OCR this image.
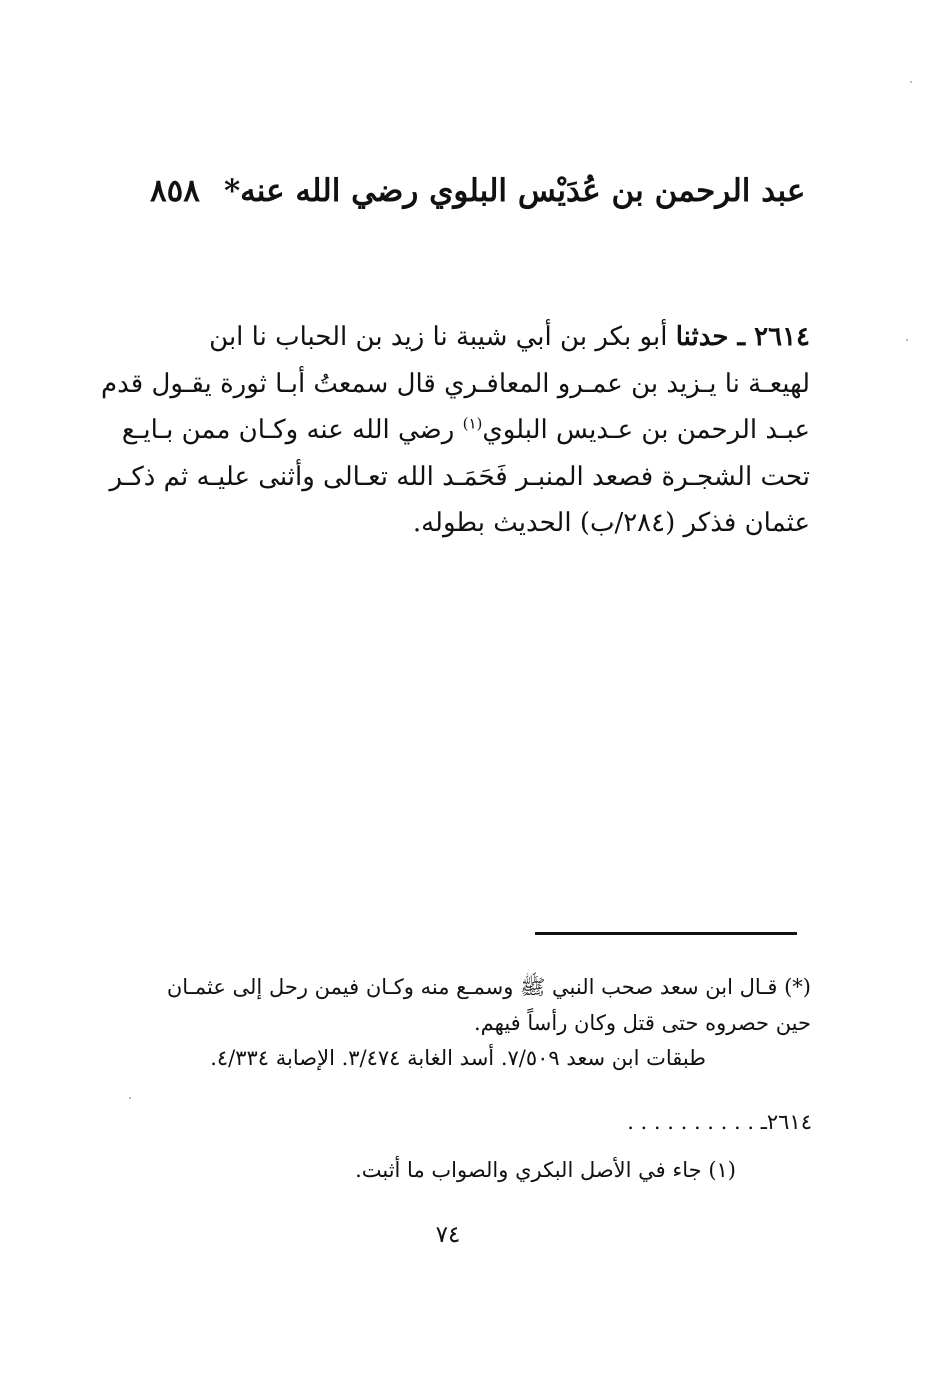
٨٥٨ عبد الرحمن بن عُدَيْس البلوي رضي الله عنه*
٢٦١٤ ـ حدثنا أبو بكر بن أبي شيبة نا زيد بن الحباب نا ابن
لهيعـة نا يـزيد بن عمـرو المعافـري قال سمعتُ أبـا ثورة يقـول قدم
عبـد الرحمن بن عـديس البلوي$^{(١)}$ رضي الله عنه وكـان ممن بـايـع
تحت الشجـرة فصعد المنبـر فَحَمَـد الله تعـالى وأثنى عليـه ثم ذكـر
عثمان فذكر (٢٨٤/ب) الحديث بطوله.
(*) قـال ابن سعد صحب النبي ﷺ وسمـع منه وكـان فيمن رحل إلى عثمـان
حين حصروه حتى قتل وكان رأساً فيهم.
طبقات ابن سعد ٧/٥٠٩. أسد الغابة ٣/٤٧٤. الإصابة ٤/٣٣٤.
٢٦١٤ـ . . . . . . . . . .
(١) جاء في الأصل البكري والصواب ما أثبت.
٧٤
